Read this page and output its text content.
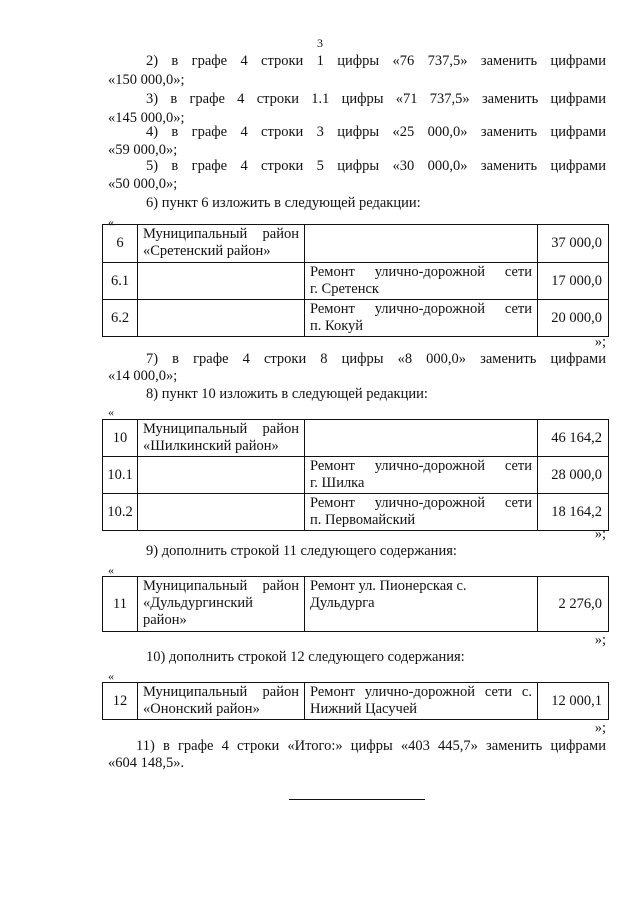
3
2) в графе 4 строки 1 цифры «76 737,5» заменить цифрами
«150 000,0»;
3) в графе 4 строки 1.1 цифры «71 737,5» заменить цифрами
«145 000,0»;
4) в графе 4 строки 3 цифры «25 000,0» заменить цифрами
«59 000,0»;
5) в графе 4 строки 5 цифры «30 000,0» заменить цифрами
«50 000,0»;
6) пункт 6 изложить в следующей редакции:
«
6	Муниципальный район «Сретенский район»		37 000,0
6.1		Ремонт улично-дорожной сети
г. Сретенск	17 000,0
6.2		Ремонт улично-дорожной сети
п. Кокуй	20 000,0
»;
7) в графе 4 строки 8 цифры «8 000,0» заменить цифрами
«14 000,0»;
8) пункт 10 изложить в следующей редакции:
«
10	Муниципальный район «Шилкинский район»		46 164,2
10.1		Ремонт улично-дорожной сети
г. Шилка	28 000,0
10.2		Ремонт улично-дорожной сети
п. Первомайский	18 164,2
»;
9) дополнить строкой 11 следующего содержания:
«
11	Муниципальный район «Дульдургинский район»	Ремонт ул. Пионерская с. Дульдурга	2 276,0
»;
10) дополнить строкой 12 следующего содержания:
«
12	Муниципальный район «Ононский район»	Ремонт улично-дорожной сети с. Нижний Цасучей	12 000,1
»;
11) в графе 4 строки «Итого:» цифры «403 445,7» заменить цифрами
«604 148,5».
